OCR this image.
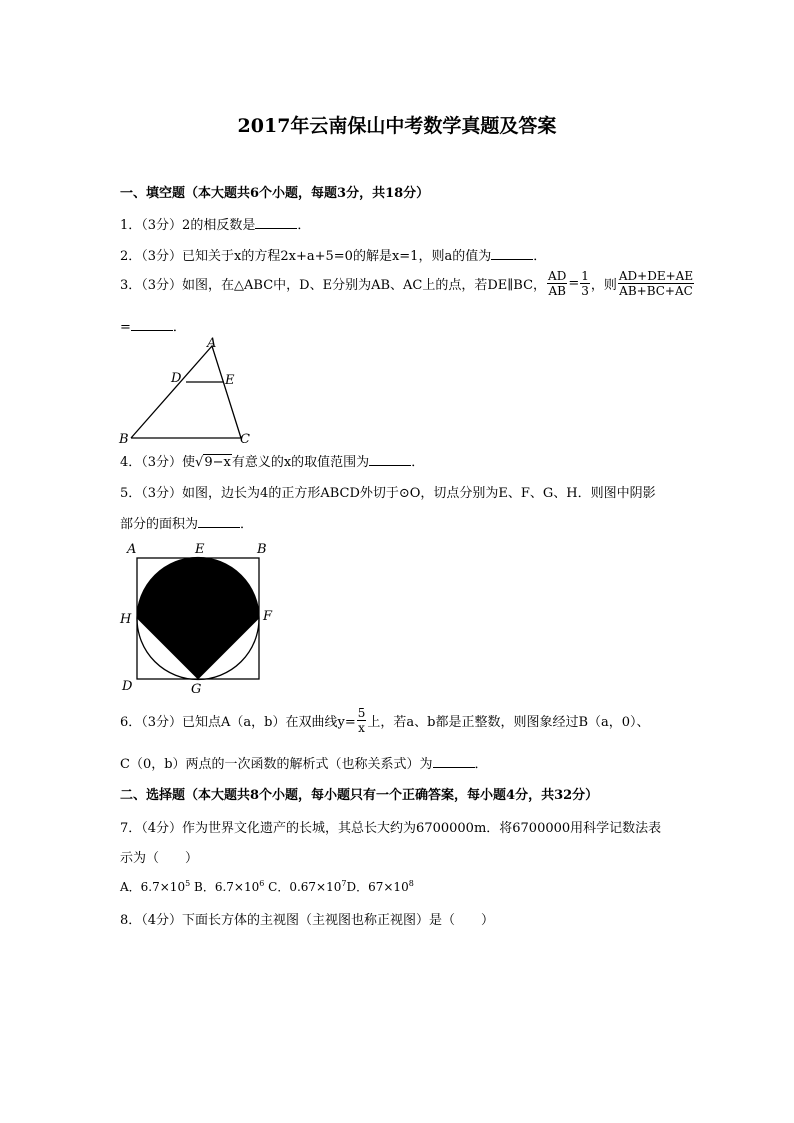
2017年云南保山中考数学真题及答案
一、填空题（本大题共6个小题，每题3分，共18分）
1．（3分）2的相反数是	．
2．（3分）已知关于x的方程2x+a+5=0的解是x=1，则a的值为	．
3．（3分）如图，在△ABC中，D、E分别为AB、AC上的点，若DE∥BC， $\frac{AD}{AB} = \frac{1}{3}$ ，则 $\frac{AD+DE+AE}{AB+BC+AC}$
=	．
A
D	E
B	C
4．（3分）使√9−x有意义的x的取值范围为	．
5．（3分）如图，边长为4的正方形ABCD外切于⊙O，切点分别为E、F、G、H．则图中阴影
部分的面积为	．
A	E	B
H	F
D	G
6．（3分）已知点A（a，b）在双曲线$y= \frac{5}{x}$ 上，若a、b都是正整数，则图象经过B（a，0）、
C（0，b）两点的一次函数的解析式（也称关系式）为	．
二、选择题（本大题共8个小题，每小题只有一个正确答案，每小题4分，共32分）
7．（4分）作为世界文化遗产的长城，其总长大约为6700000m．将6700000用科学记数法表
示为（　　）
A．$6.7\times 10^5$ B．$6.7\times 10^6$ C．$0.67\times 10^7D$．$67\times 10^8$
8．（4分）下面长方体的主视图（主视图也称正视图）是（　　）
